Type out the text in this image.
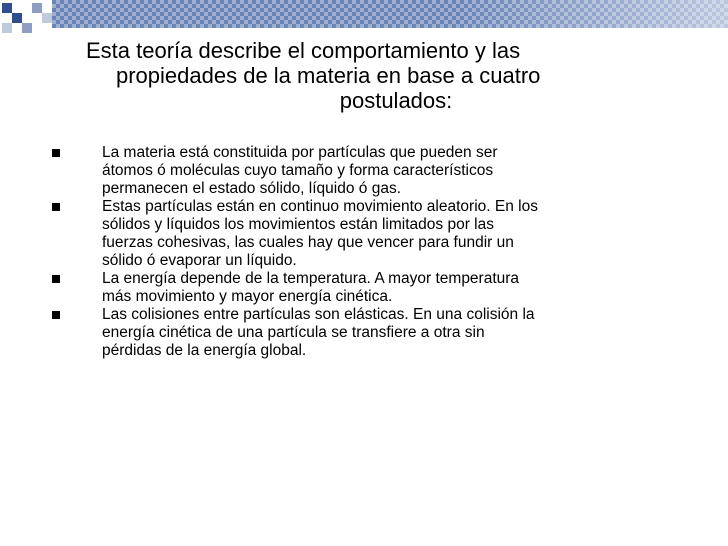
Esta teoría describe el comportamiento y las
propiedades de la materia en base a cuatro
postulados:

La materia está constituida por partículas que pueden ser
átomos ó moléculas cuyo tamaño y forma característicos
permanecen el estado sólido, líquido ó gas.
Estas partículas están en continuo movimiento aleatorio. En los
sólidos y líquidos los movimientos están limitados por las
fuerzas cohesivas, las cuales hay que vencer para fundir un
sólido ó evaporar un líquido.
La energía depende de la temperatura. A mayor temperatura
más movimiento y mayor energía cinética.
Las colisiones entre partículas son elásticas. En una colisión la
energía cinética de una partícula se transfiere a otra sin
pérdidas de la energía global.
